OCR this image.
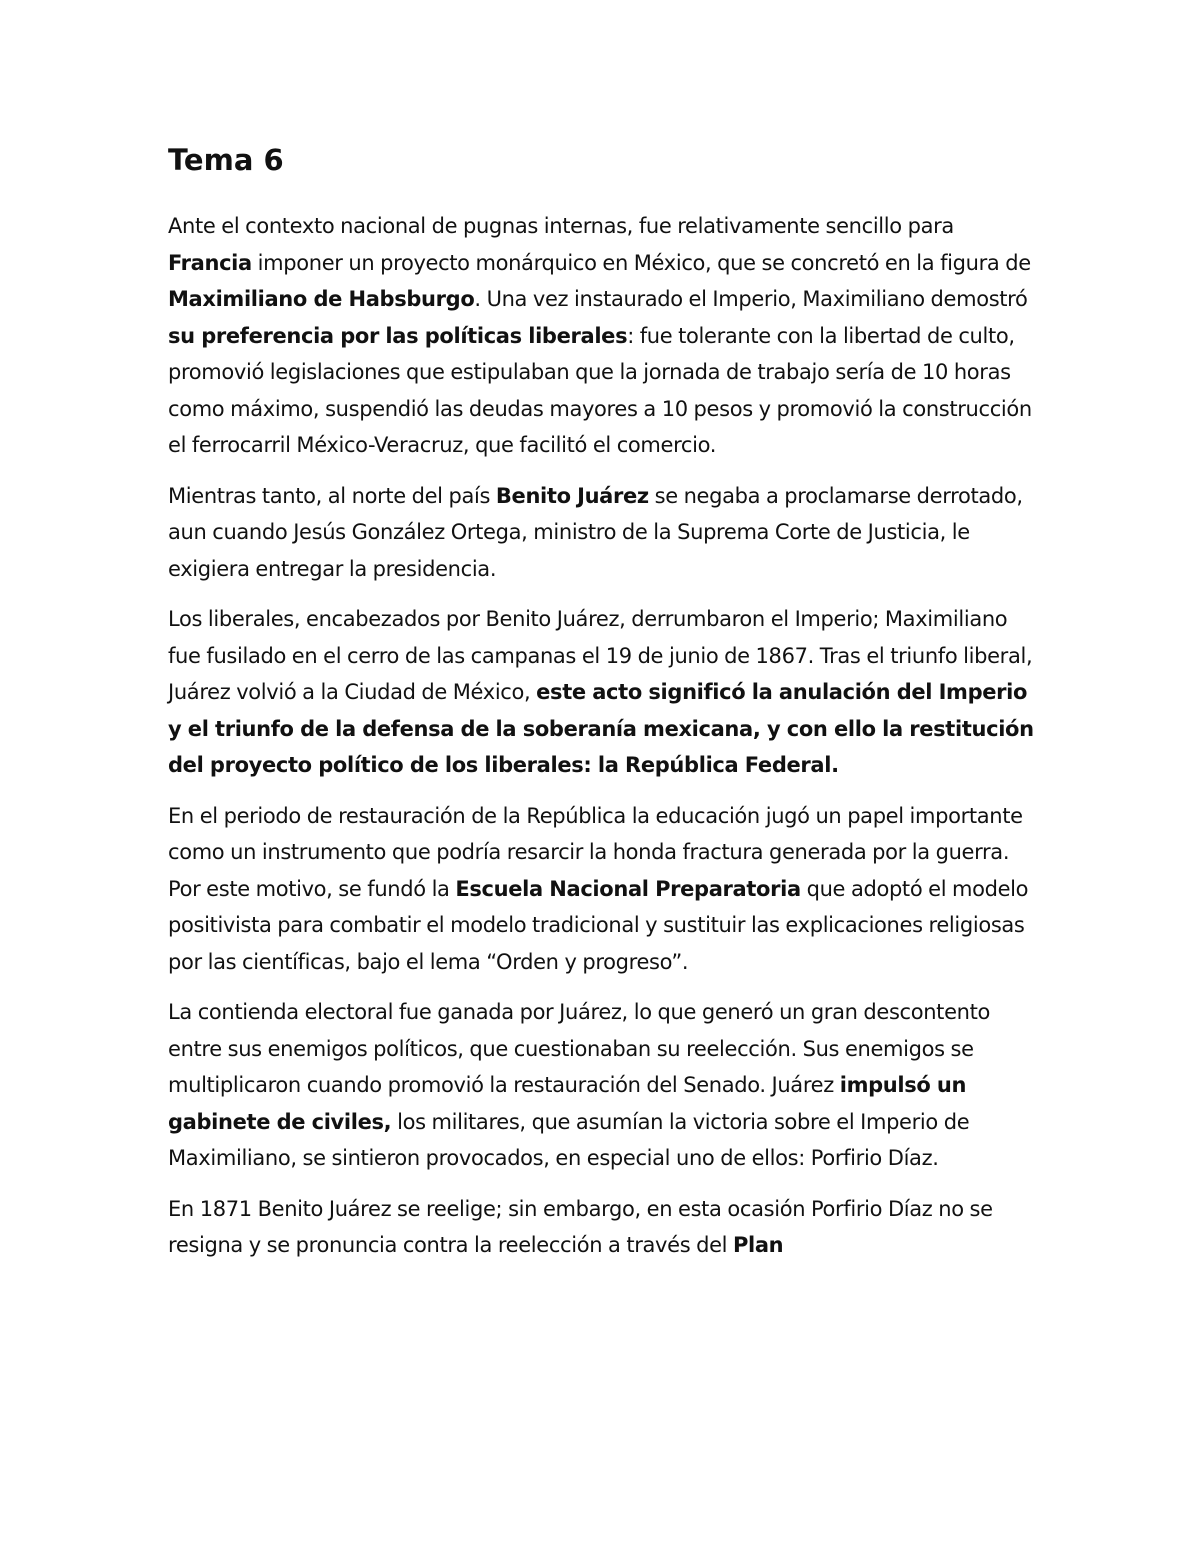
Tema 6

Ante el contexto nacional de pugnas internas, fue relativamente sencillo para Francia imponer un proyecto monárquico en México, que se concretó en la figura de Maximiliano de Habsburgo. Una vez instaurado el Imperio, Maximiliano demostró su preferencia por las políticas liberales: fue tolerante con la libertad de culto, promovió legislaciones que estipulaban que la jornada de trabajo sería de 10 horas como máximo, suspendió las deudas mayores a 10 pesos y promovió la construcción el ferrocarril México-Veracruz, que facilitó el comercio.

Mientras tanto, al norte del país Benito Juárez se negaba a proclamarse derrotado, aun cuando Jesús González Ortega, ministro de la Suprema Corte de Justicia, le exigiera entregar la presidencia.

Los liberales, encabezados por Benito Juárez, derrumbaron el Imperio; Maximiliano fue fusilado en el cerro de las campanas el 19 de junio de 1867. Tras el triunfo liberal, Juárez volvió a la Ciudad de México, este acto significó la anulación del Imperio y el triunfo de la defensa de la soberanía mexicana, y con ello la restitución del proyecto político de los liberales: la República Federal.

En el periodo de restauración de la República la educación jugó un papel importante como un instrumento que podría resarcir la honda fractura generada por la guerra. Por este motivo, se fundó la Escuela Nacional Preparatoria que adoptó el modelo positivista para combatir el modelo tradicional y sustituir las explicaciones religiosas por las científicas, bajo el lema “Orden y progreso”.

La contienda electoral fue ganada por Juárez, lo que generó un gran descontento entre sus enemigos políticos, que cuestionaban su reelección. Sus enemigos se multiplicaron cuando promovió la restauración del Senado. Juárez impulsó un gabinete de civiles, los militares, que asumían la victoria sobre el Imperio de Maximiliano, se sintieron provocados, en especial uno de ellos: Porfirio Díaz.

En 1871 Benito Juárez se reelige; sin embargo, en esta ocasión Porfirio Díaz no se resigna y se pronuncia contra la reelección a través del Plan
